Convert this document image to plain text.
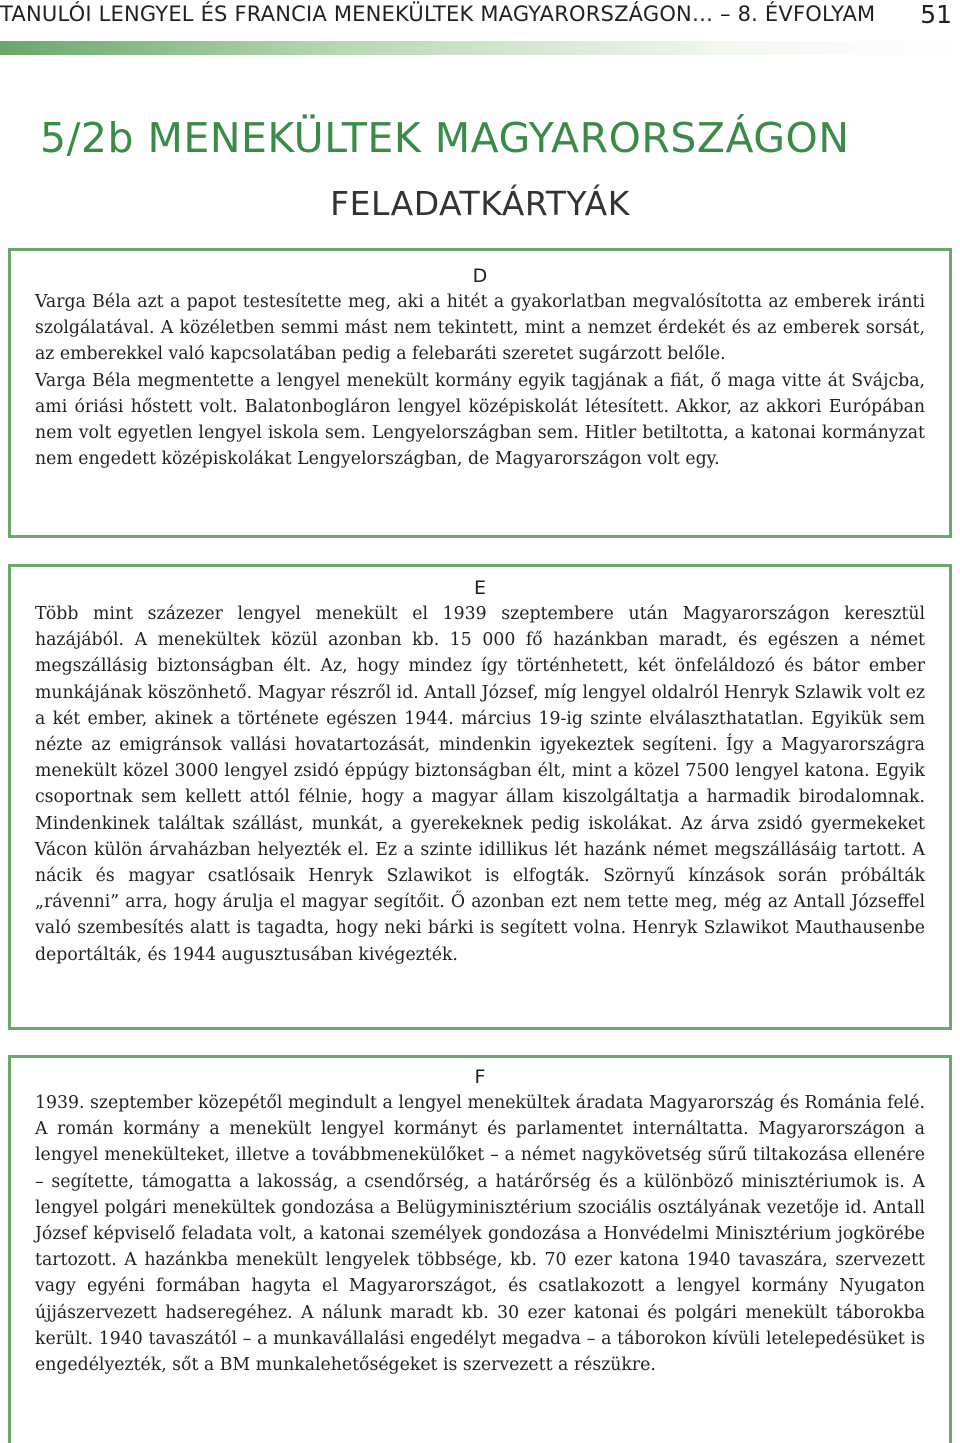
TANULÓI LENGYEL ÉS FRANCIA MENEKÜLTEK MAGYARORSZÁGON… – 8. ÉVFOLYAM 51
5/2b MENEKÜLTEK MAGYARORSZÁGON
FELADATKÁRTYÁK
D

Varga Béla azt a papot testesítette meg, aki a hitét a gyakorlatban megvalósította az emberek iránti szolgálatával. A közéletben semmi mást nem tekintett, mint a nemzet érdekét és az emberek sorsát, az emberekkel való kapcsolatában pedig a felebaráti szeretet sugárzott belőle.

Varga Béla megmentette a lengyel menekült kormány egyik tagjának a fiát, ő maga vitte át Svájcba, ami óriási hőstett volt. Balatonbogláron lengyel középiskolát létesített. Akkor, az akkori Európában nem volt egyetlen lengyel iskola sem. Lengyelországban sem. Hitler betiltotta, a katonai kormányzat nem engedett középiskolákat Lengyelországban, de Magyarországon volt egy.

E

Több mint százezer lengyel menekült el 1939 szeptembere után Magyarországon keresztül hazájából. A menekültek közül azonban kb. 15 000 fő hazánkban maradt, és egészen a német megszállásig biztonságban élt. Az, hogy mindez így történhetett, két önfeláldozó és bátor ember munkájának köszönhető. Magyar részről id. Antall József, míg lengyel oldalról Henryk Szlawik volt ez a két ember, akinek a története egészen 1944. március 19-ig szinte elválaszthatatlan. Egyikük sem nézte az emigránsok vallási hovatartozását, mindenkin igyekeztek segíteni. Így a Magyarországra menekült közel 3000 lengyel zsidó éppúgy biztonságban élt, mint a közel 7500 lengyel katona. Egyik csoportnak sem kellett attól félnie, hogy a magyar állam kiszolgáltatja a harmadik birodalomnak. Mindenkinek találtak szállást, munkát, a gyerekeknek pedig iskolákat. Az árva zsidó gyermekeket Vácon külön árvaházban helyezték el. Ez a szinte idillikus lét hazánk német megszállásáig tartott. A nácik és magyar csatlósaik Henryk Szlawikot is elfogták. Szörnyű kínzások során próbálták „rávenni” arra, hogy árulja el magyar segítőit. Ő azonban ezt nem tette meg, még az Antall Józseffel való szembesítés alatt is tagadta, hogy neki bárki is segített volna. Henryk Szlawikot Mauthausenbe deportálták, és 1944 augusztusában kivégezték.

F

1939. szeptember közepétől megindult a lengyel menekültek áradata Magyarország és Románia felé. A román kormány a menekült lengyel kormányt és parlamentet internáltatta. Magyarországon a lengyel menekülteket, illetve a továbbmenekülőket – a német nagykövetség sűrű tiltakozása ellenére – segítette, támogatta a lakosság, a csendőrség, a határőrség és a különböző minisztériumok is. A lengyel polgári menekültek gondozása a Belügyminisztérium szociális osztályának vezetője id. Antall József képviselő feladata volt, a katonai személyek gondozása a Honvédelmi Minisztérium jogkörébe tartozott. A hazánkba menekült lengyelek többsége, kb. 70 ezer katona 1940 tavaszára, szervezett vagy egyéni formában hagyta el Magyarországot, és csatlakozott a lengyel kormány Nyugaton újjászervezett hadseregéhez. A nálunk maradt kb. 30 ezer katonai és polgári menekült táborokba került. 1940 tavaszától – a munkavállalási engedélyt megadva – a táborokon kívüli letelepedésüket is engedélyezték, sőt a BM munkalehetőségeket is szervezett a részükre.
